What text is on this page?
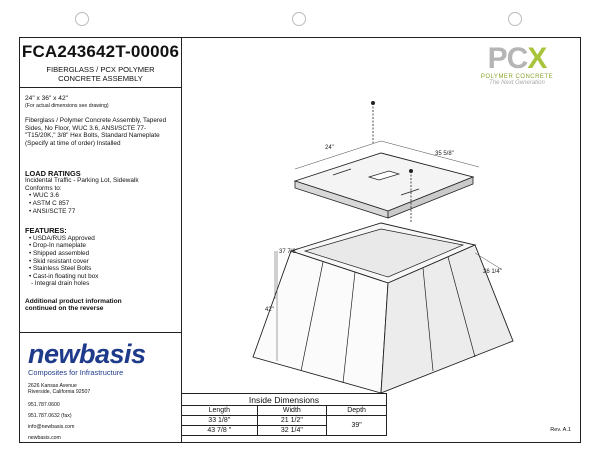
FCA243642T-00006
FIBERGLASS / PCX POLYMER
CONCRETE ASSEMBLY
24" x 36" x 42"
(For actual dimensions see drawing)
Fiberglass / Polymer Concrete Assembly, Tapered Sides, No Floor, WUC 3.6, ANSI/SCTE 77-"T15/20K," 3/8" Hex Bolts, Standard Nameplate (Specify at time of order) Installed
LOAD RATINGS
Incidental Traffic - Parking Lot, Sidewalk
Conforms to:
• WUC 3.6
• ASTM C 857
• ANSI/SCTE 77
FEATURES:
• USDA/RUS Approved
• Drop-In nameplate
• Shipped assembled
• Skid resistant cover
• Stainless Steel Bolts
• Cast-in floating nut box
- Integral drain holes
Additional product information
continued on the reverse
newbasis
Composites for Infrastructure
2626 Kansas Avenue
Riverside, California 92507
951.787.0600
951.787.0632 (fax)
info@newbasis.com
newbasis.com
PCX
POLYMER CONCRETE
The Next Generation
24"
35 5/8"
37 7/8"
26 1/4"
42"
Inside Dimensions		
Length	Width	Depth
33 1/8"	21 1/2"	39"
43 7/8 "	32 1/4"		Rev. A.1
